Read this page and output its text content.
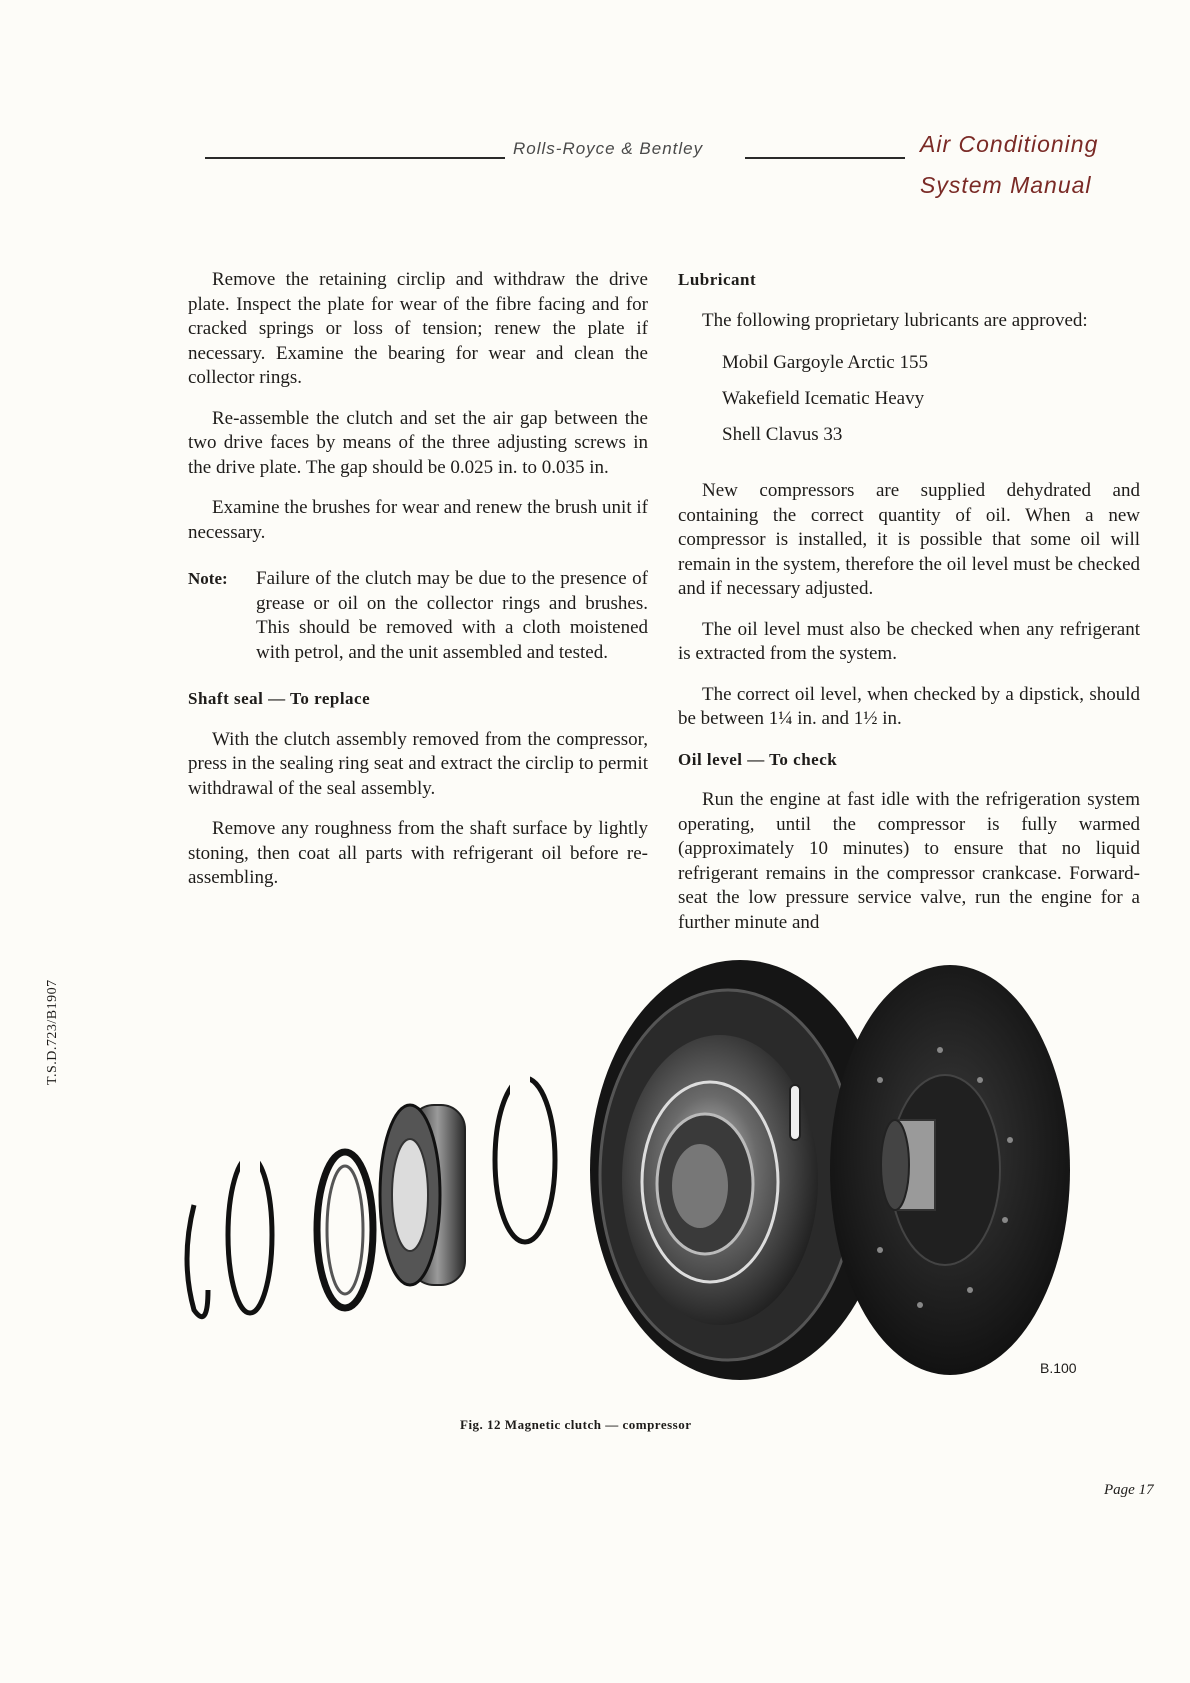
Rolls-Royce & Bentley	Air Conditioning
System Manual

Remove the retaining circlip and withdraw the drive plate. Inspect the plate for wear of the fibre facing and for cracked springs or loss of tension; renew the plate if necessary. Examine the bearing for wear and clean the collector rings.

Re-assemble the clutch and set the air gap between the two drive faces by means of the three adjusting screws in the drive plate. The gap should be 0.025 in. to 0.035 in.

Examine the brushes for wear and renew the brush unit if necessary.

Note:	Failure of the clutch may be due to the presence of grease or oil on the collector rings and brushes. This should be removed with a cloth moistened with petrol, and the unit assembled and tested.

Shaft seal — To replace

With the clutch assembly removed from the compressor, press in the sealing ring seat and extract the circlip to permit withdrawal of the seal assembly.

Remove any roughness from the shaft surface by lightly stoning, then coat all parts with refrigerant oil before re-assembling.

Lubricant

The following proprietary lubricants are approved:

Mobil Gargoyle Arctic 155
Wakefield Icematic Heavy
Shell Clavus 33

New compressors are supplied dehydrated and containing the correct quantity of oil. When a new compressor is installed, it is possible that some oil will remain in the system, therefore the oil level must be checked and if necessary adjusted.

The oil level must also be checked when any refrigerant is extracted from the system.

The correct oil level, when checked by a dipstick, should be between 1¼ in. and 1½ in.

Oil level — To check

Run the engine at fast idle with the refrigeration system operating, until the compressor is fully warmed (approximately 10 minutes) to ensure that no liquid refrigerant remains in the compressor crankcase. Forward-seat the low pressure service valve, run the engine for a further minute and

B.100
Fig. 12 Magnetic clutch — compressor
Page 17
T.S.D.723/B1907
